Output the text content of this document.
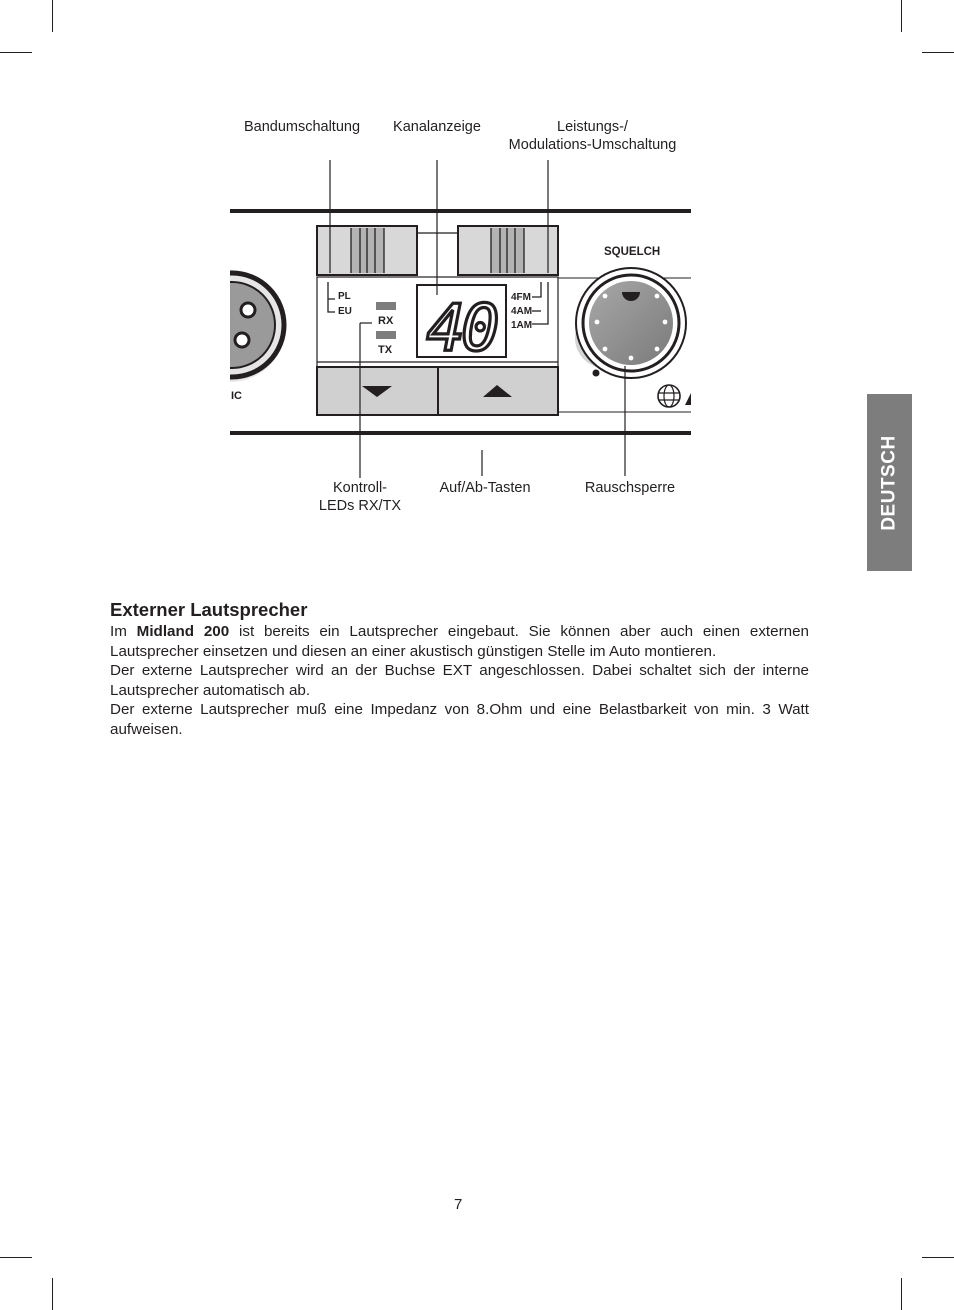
DEUTSCH
IC
PL
EU
RX
TX 40 4FM
4AM
1AM
SQUELCH
Bandumschaltung	Kanalanzeige	Leistungs-/
Modulations-Umschaltung
Kontroll-
LEDs RX/TX
Auf/Ab-Tasten	Rauschsperre
Externer Lautsprecher

Im Midland 200 ist bereits ein Lautsprecher eingebaut. Sie können aber auch einen externen Lautsprecher einsetzen und diesen an einer akustisch günstigen Stelle im Auto montieren.

Der externe Lautsprecher wird an der Buchse EXT angeschlossen. Dabei schaltet sich der interne Lautsprecher automatisch ab.

Der externe Lautsprecher muß eine Impedanz von 8.Ohm und eine Belastbarkeit von min. 3 Watt aufweisen.

7
